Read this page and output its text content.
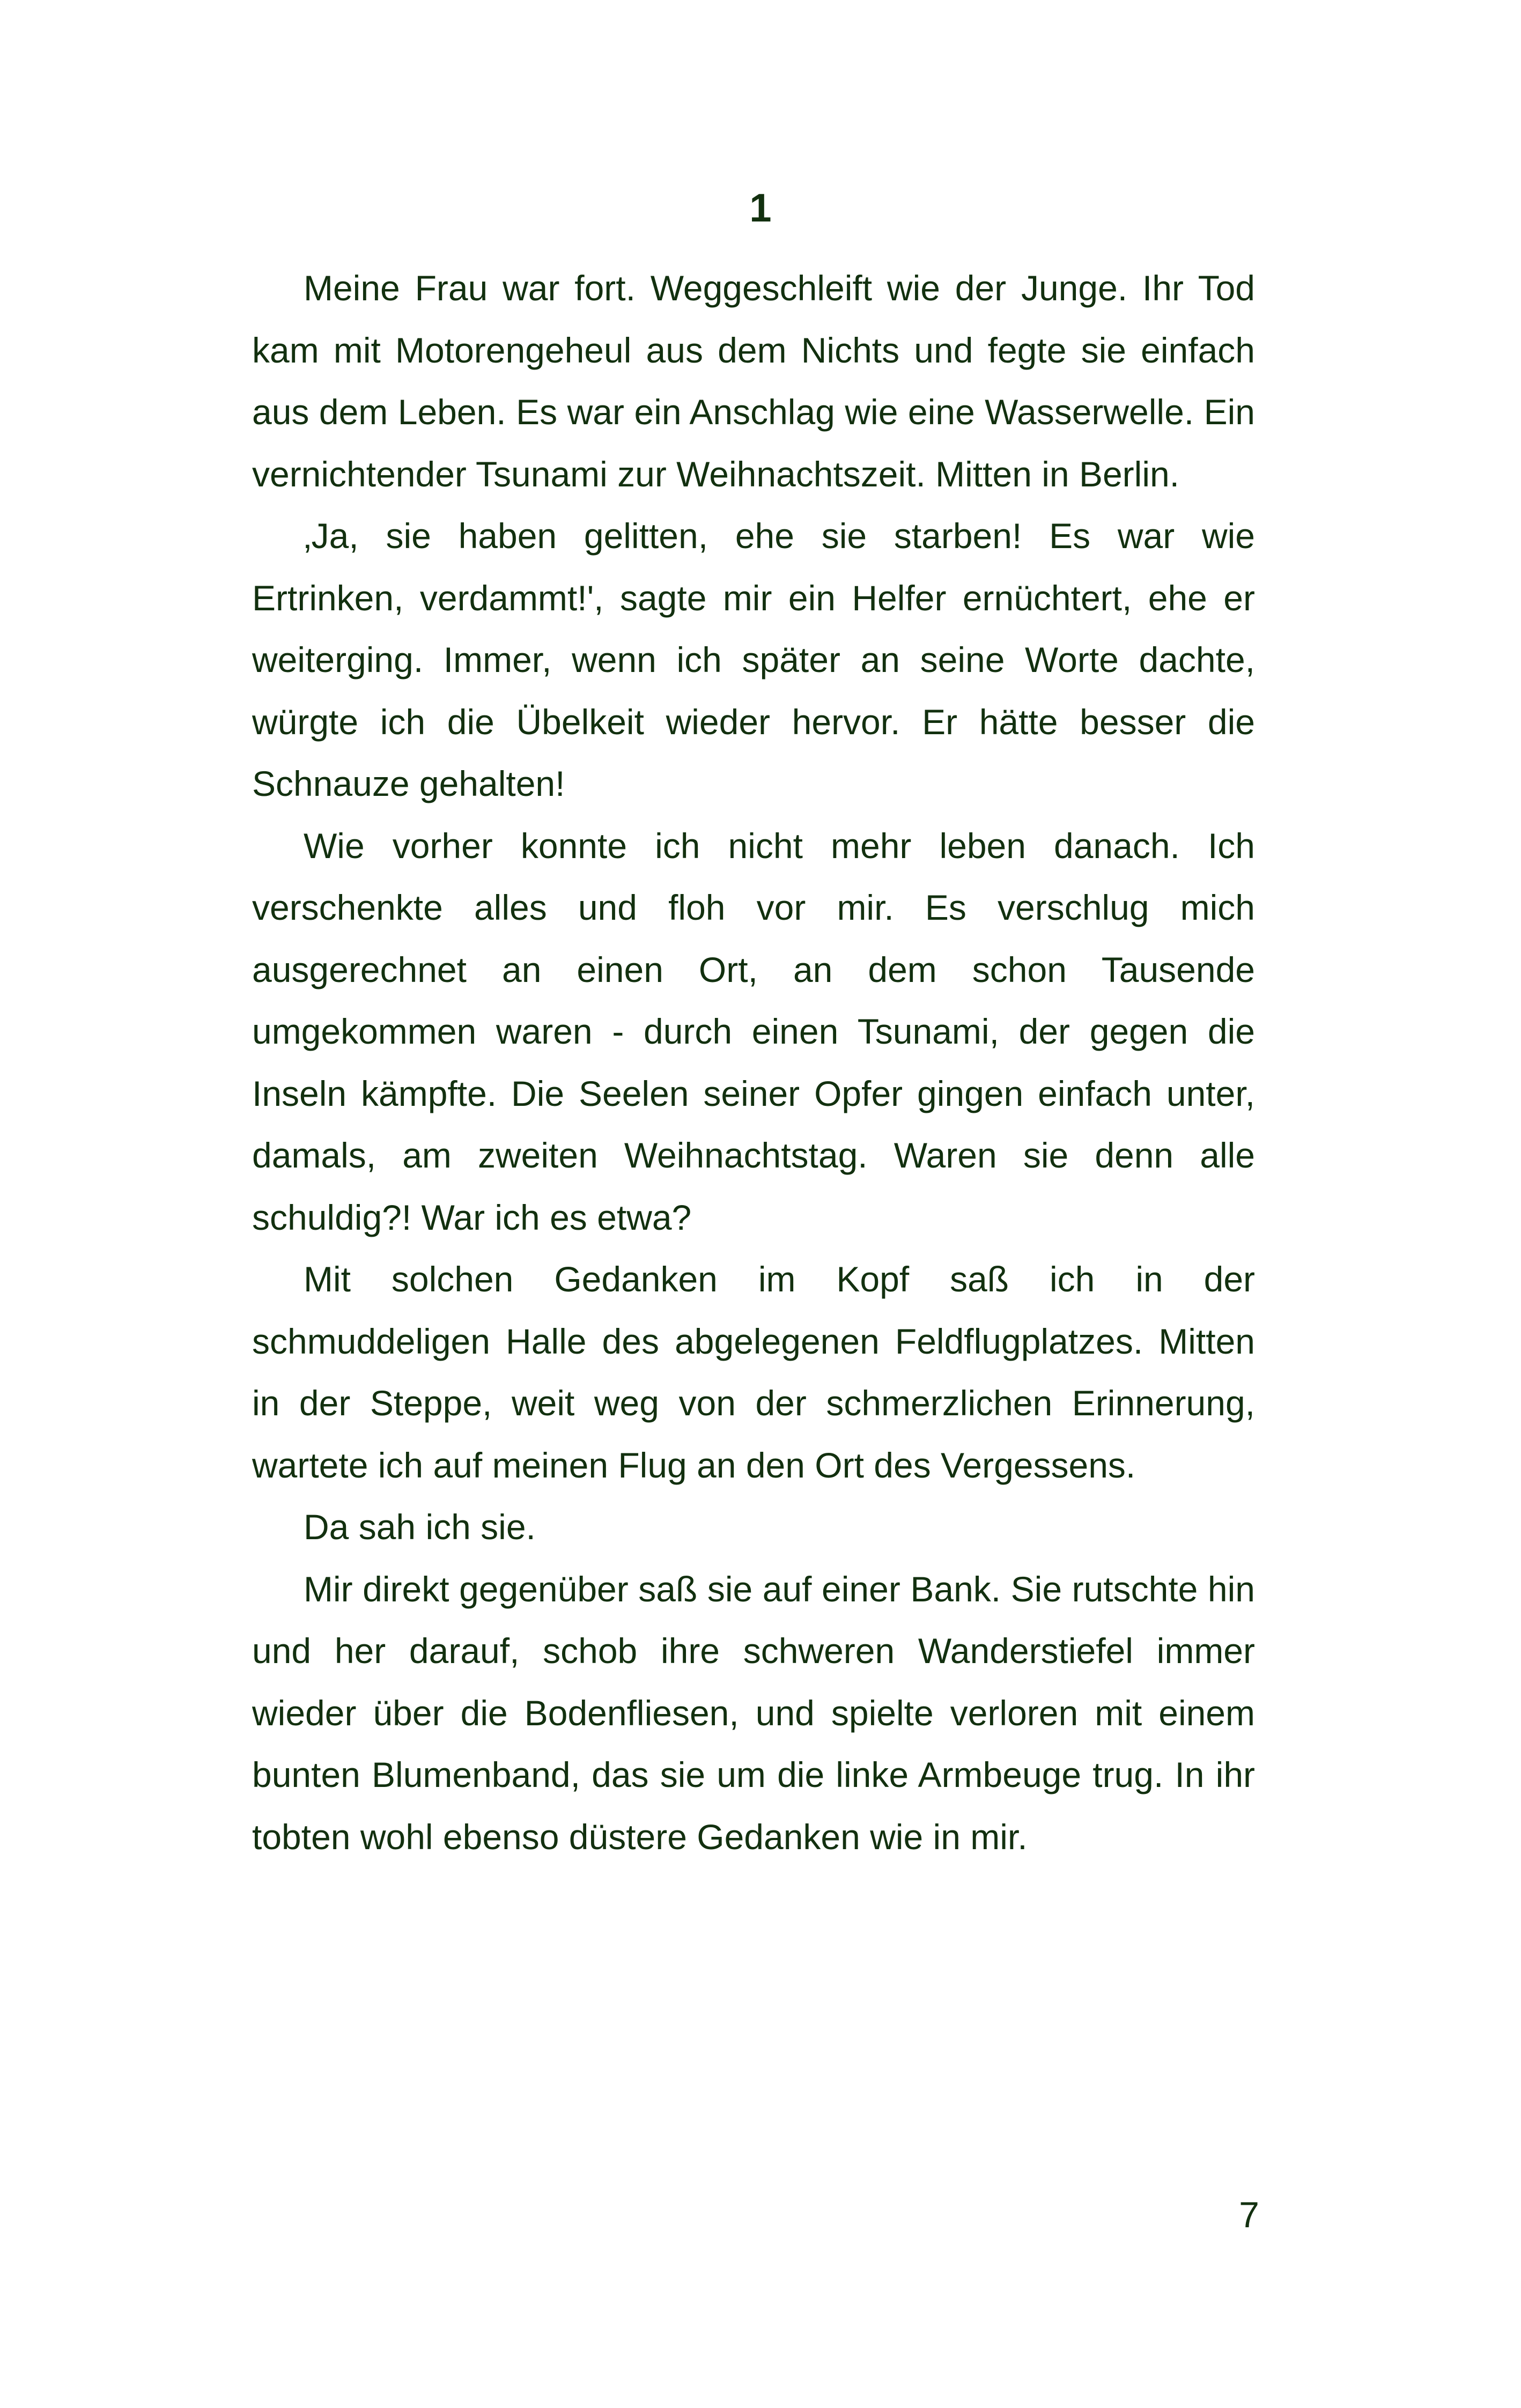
1

Meine Frau war fort. Weggeschleift wie der Junge. Ihr Tod kam mit Motorengeheul aus dem Nichts und fegte sie einfach aus dem Leben. Es war ein Anschlag wie eine Wasserwelle. Ein vernichtender Tsunami zur Weihnachtszeit. Mitten in Berlin.

‚Ja, sie haben gelitten, ehe sie starben! Es war wie Ertrinken, verdammt!', sagte mir ein Helfer ernüchtert, ehe er weiterging. Immer, wenn ich später an seine Worte dachte, würgte ich die Übelkeit wieder hervor. Er hätte besser die Schnauze gehalten!

Wie vorher konnte ich nicht mehr leben danach. Ich verschenkte alles und floh vor mir. Es verschlug mich ausgerechnet an einen Ort, an dem schon Tausende umgekommen waren - durch einen Tsunami, der gegen die Inseln kämpfte. Die Seelen seiner Opfer gingen einfach unter, damals, am zweiten Weihnachtstag. Waren sie denn alle schuldig?! War ich es etwa?

Mit solchen Gedanken im Kopf saß ich in der schmuddeligen Halle des abgelegenen Feldflugplatzes. Mitten in der Steppe, weit weg von der schmerzlichen Erinnerung, wartete ich auf meinen Flug an den Ort des Vergessens.

Da sah ich sie.

Mir direkt gegenüber saß sie auf einer Bank. Sie rutschte hin und her darauf, schob ihre schweren Wanderstiefel immer wieder über die Bodenfliesen, und spielte verloren mit einem bunten Blumenband, das sie um die linke Armbeuge trug. In ihr tobten wohl ebenso düstere Gedanken wie in mir.

7
